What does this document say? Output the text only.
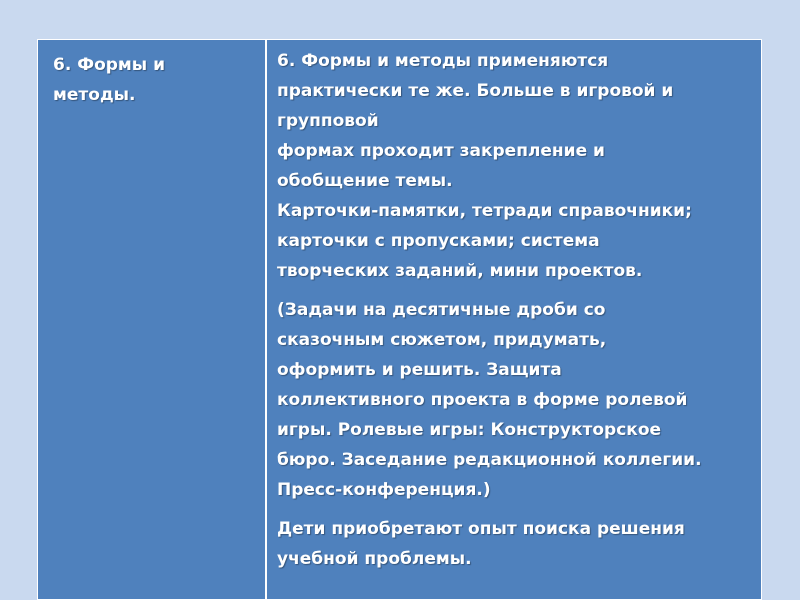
6. Формы и
методы.
6. Формы и методы применяются
практически те же. Больше в игровой и
групповой
формах проходит закрепление и
обобщение темы.
Карточки-памятки, тетради справочники;
карточки с пропусками; система
творческих заданий, мини проектов.
(Задачи на десятичные дроби со
сказочным сюжетом, придумать,
оформить и решить. Защита
коллективного проекта в форме ролевой
игры. Ролевые игры: Конструкторское
бюро. Заседание редакционной коллегии.
Пресс-конференция.)
Дети приобретают опыт поиска решения
учебной проблемы.
